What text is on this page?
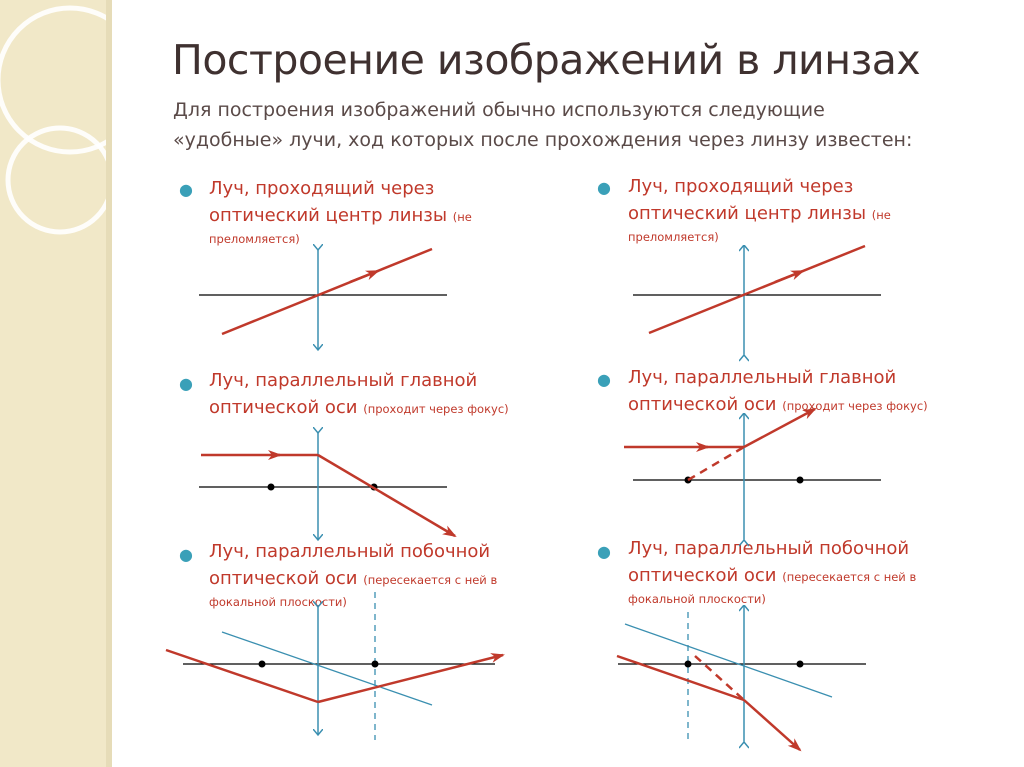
Построение изображений в линзах
Для построения изображений обычно используются следующие
«удобные» лучи, ход которых после прохождения через линзу известен:
● Луч, проходящий через
оптический центр линзы (не
преломляется)
● Луч, параллельный главной
оптической оси (проходит через фокус)
● Луч, параллельный побочной
оптической оси (пересекается с ней в
фокальной плоскости)
● Луч, проходящий через
оптический центр линзы (не
преломляется)
● Луч, параллельный главной
оптической оси (проходит через фокус)
● Луч, параллельный побочной
оптической оси (пересекается с ней в
фокальной плоскости)
